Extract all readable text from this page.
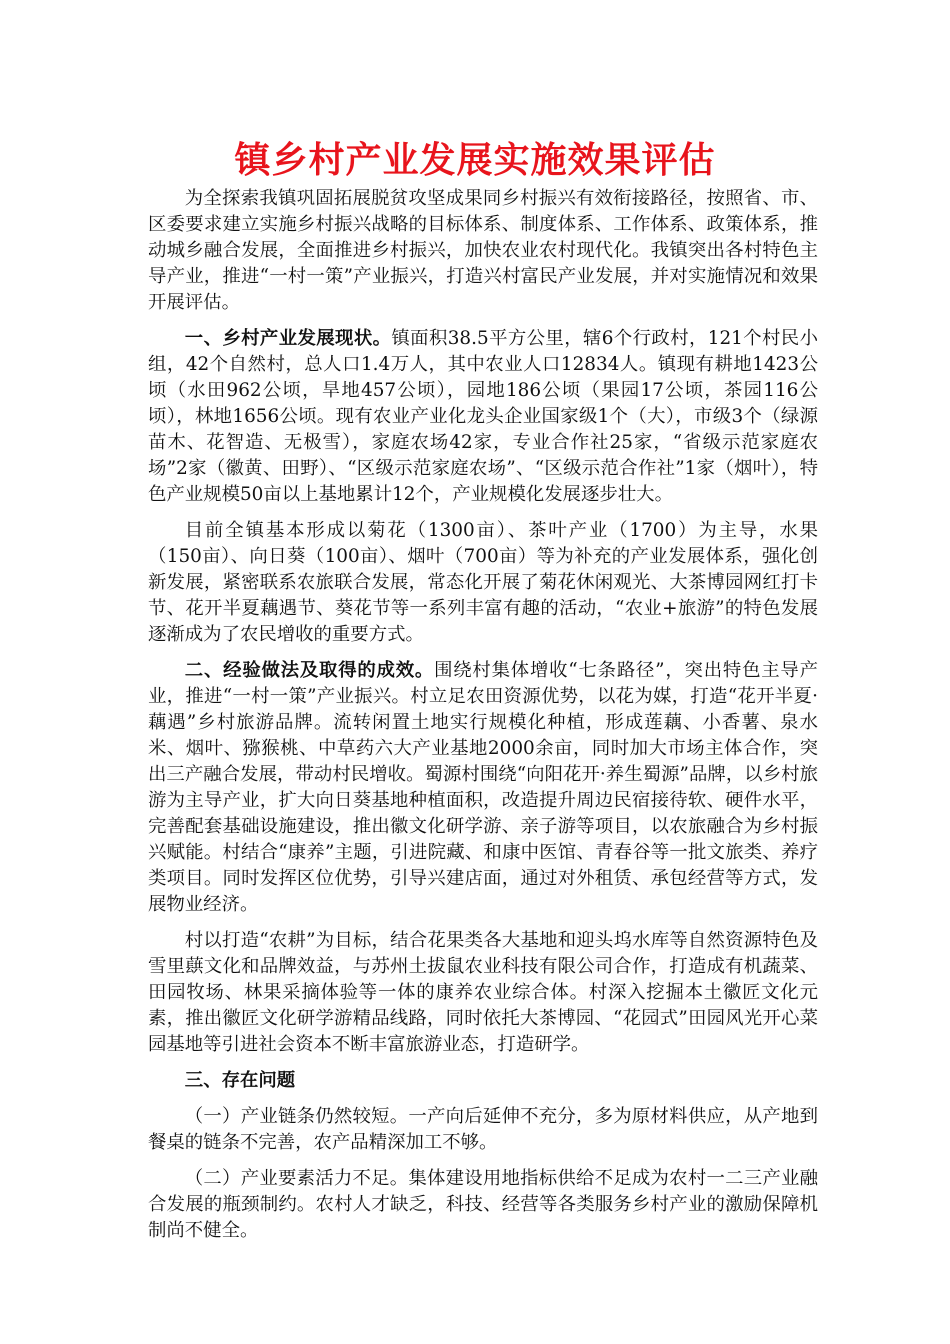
镇乡村产业发展实施效果评估

为全探索我镇巩固拓展脱贫攻坚成果同乡村振兴有效衔接路径，按照省、市、区委要求建立实施乡村振兴战略的目标体系、制度体系、工作体系、政策体系，推动城乡融合发展，全面推进乡村振兴，加快农业农村现代化。我镇突出各村特色主导产业，推进“一村一策”产业振兴，打造兴村富民产业发展，并对实施情况和效果开展评估。

一、乡村产业发展现状。镇面积38.5平方公里，辖6个行政村，121个村民小组，42个自然村，总人口1.4万人，其中农业人口12834人。镇现有耕地1423公顷（水田962公顷，旱地457公顷），园地186公顷（果园17公顷，茶园116公顷），林地1656公顷。现有农业产业化龙头企业国家级1个（大），市级3个（绿源苗木、花智造、无极雪），家庭农场42家，专业合作社25家，“省级示范家庭农场”2家（徽黄、田野）、“区级示范家庭农场”、“区级示范合作社”1家（烟叶），特色产业规模50亩以上基地累计12个，产业规模化发展逐步壮大。

目前全镇基本形成以菊花（1300亩）、茶叶产业（1700）为主导，水果（150亩）、向日葵（100亩）、烟叶（700亩）等为补充的产业发展体系，强化创新发展，紧密联系农旅联合发展，常态化开展了菊花休闲观光、大茶博园网红打卡节、花开半夏藕遇节、葵花节等一系列丰富有趣的活动，“农业+旅游”的特色发展逐渐成为了农民增收的重要方式。

二、经验做法及取得的成效。围绕村集体增收“七条路径”，突出特色主导产业，推进“一村一策”产业振兴。村立足农田资源优势，以花为媒，打造“花开半夏·藕遇”乡村旅游品牌。流转闲置土地实行规模化种植，形成莲藕、小香薯、泉水米、烟叶、猕猴桃、中草药六大产业基地2000余亩，同时加大市场主体合作，突出三产融合发展，带动村民增收。蜀源村围绕“向阳花开·养生蜀源”品牌，以乡村旅游为主导产业，扩大向日葵基地种植面积，改造提升周边民宿接待软、硬件水平，完善配套基础设施建设，推出徽文化研学游、亲子游等项目，以农旅融合为乡村振兴赋能。村结合“康养”主题，引进院藏、和康中医馆、青春谷等一批文旅类、养疗类项目。同时发挥区位优势，引导兴建店面，通过对外租赁、承包经营等方式，发展物业经济。

村以打造“农耕”为目标，结合花果类各大基地和迎头坞水库等自然资源特色及雪里蕻文化和品牌效益，与苏州土拔鼠农业科技有限公司合作，打造成有机蔬菜、田园牧场、林果采摘体验等一体的康养农业综合体。村深入挖掘本土徽匠文化元素，推出徽匠文化研学游精品线路，同时依托大茶博园、“花园式”田园风光开心菜园基地等引进社会资本不断丰富旅游业态，打造研学。

三、存在问题

（一）产业链条仍然较短。一产向后延伸不充分，多为原材料供应，从产地到餐桌的链条不完善，农产品精深加工不够。

（二）产业要素活力不足。集体建设用地指标供给不足成为农村一二三产业融合发展的瓶颈制约。农村人才缺乏，科技、经营等各类服务乡村产业的激励保障机制尚不健全。
